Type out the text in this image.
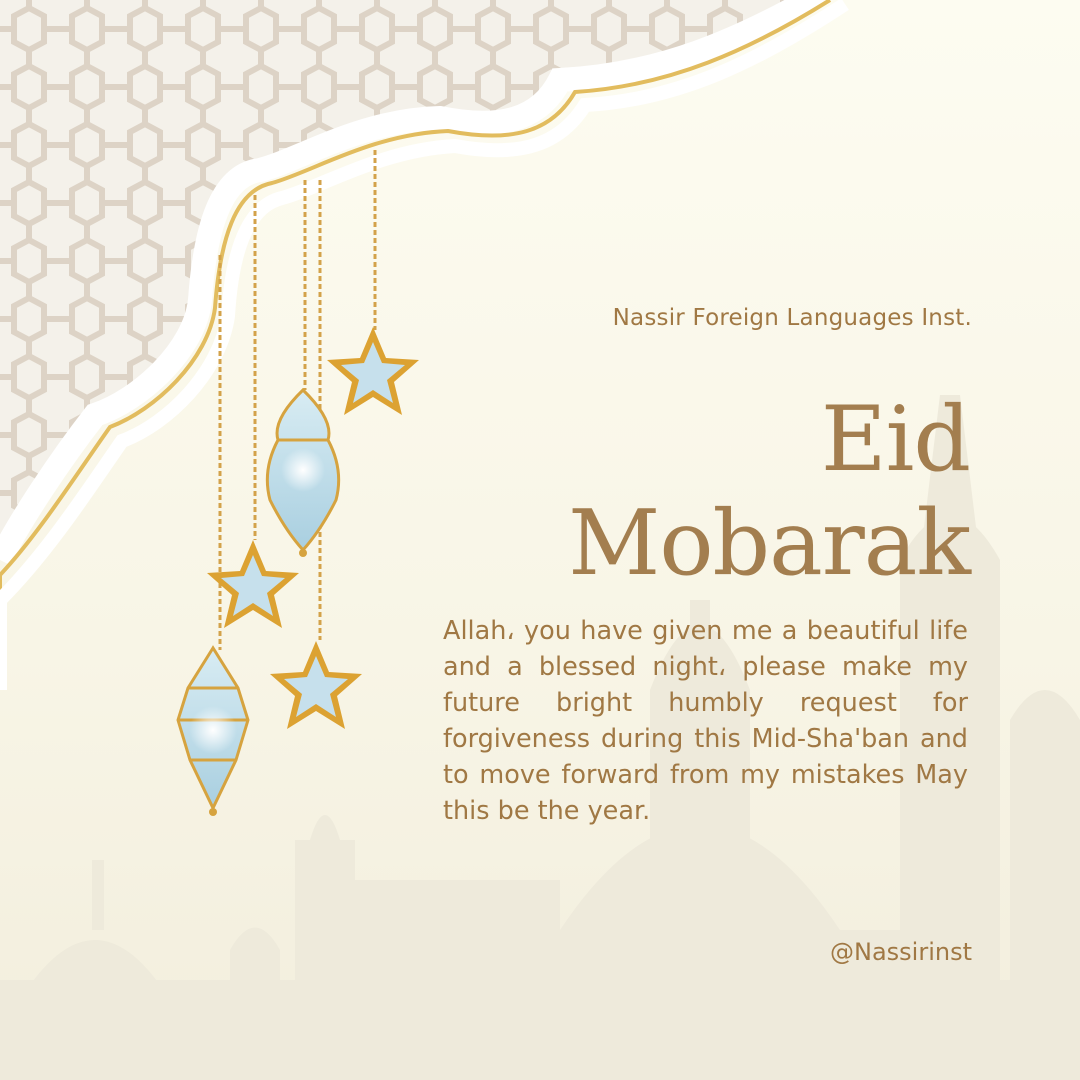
Nassir Foreign Languages Inst.
Eid
Mobarak
Allah، you have given me a beautiful life and a blessed night، please make my future bright humbly request for forgiveness during this Mid-Sha'ban and to move forward from my mistakes May this be the year.
@Nassirinst
